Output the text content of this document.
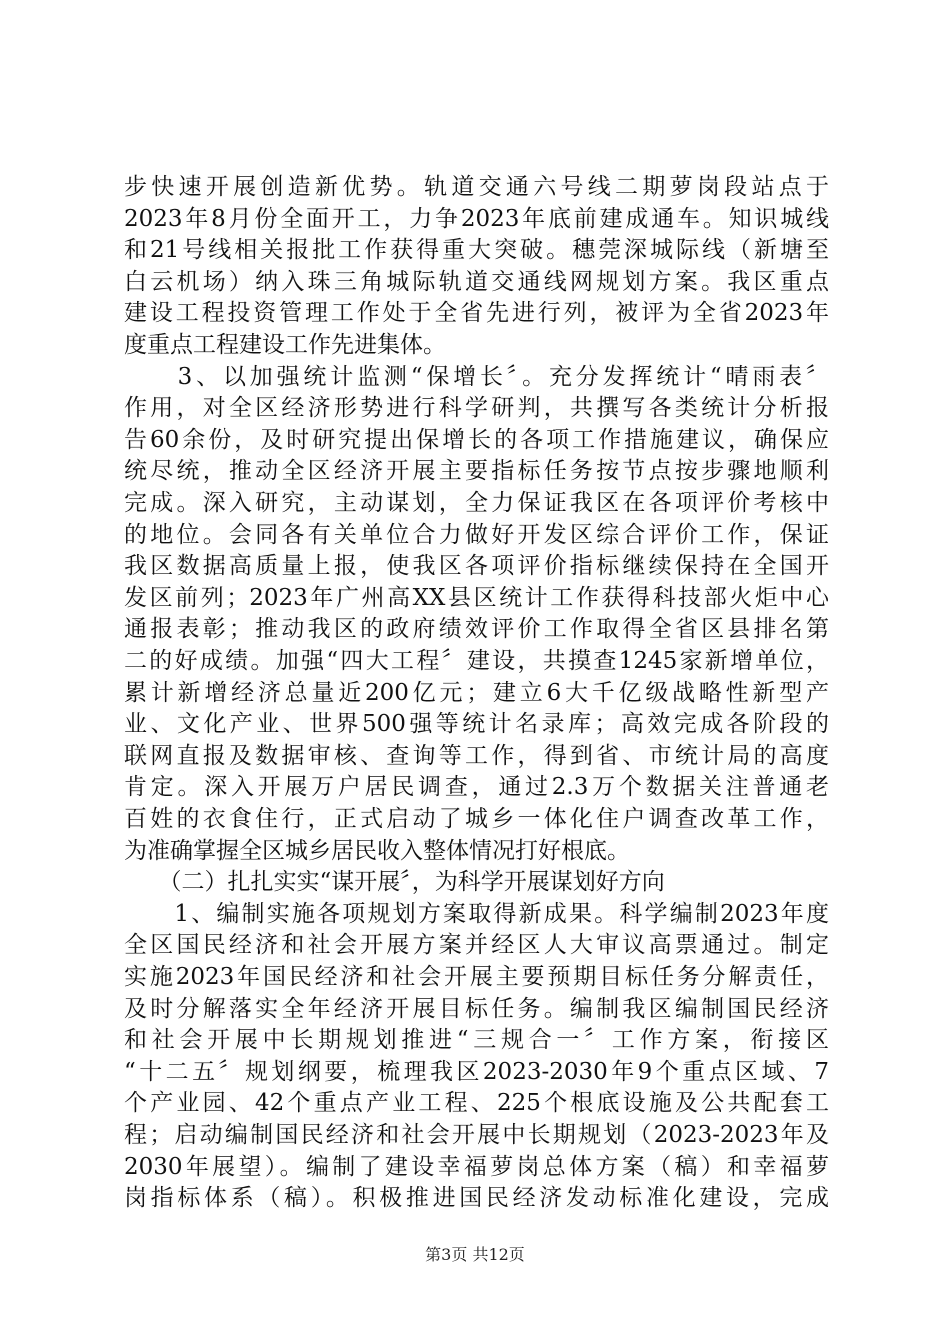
步快速开展创造新优势。轨道交通六号线二期萝岗段站点于
2023年8月份全面开工，力争2023年底前建成通车。知识城线
和21号线相关报批工作获得重大突破。穗莞深城际线（新塘至
白云机场）纳入珠三角城际轨道交通线网规划方案。我区重点
建设工程投资管理工作处于全省先进行列，被评为全省2023年
度重点工程建设工作先进集体。
　　3、以加强统计监测“保增长〞。充分发挥统计“晴雨表〞
作用，对全区经济形势进行科学研判，共撰写各类统计分析报
告60余份，及时研究提出保增长的各项工作措施建议，确保应
统尽统，推动全区经济开展主要指标任务按节点按步骤地顺利
完成。深入研究，主动谋划，全力保证我区在各项评价考核中
的地位。会同各有关单位合力做好开发区综合评价工作，保证
我区数据高质量上报，使我区各项评价指标继续保持在全国开
发区前列；2023年广州高XX县区统计工作获得科技部火炬中心
通报表彰；推动我区的政府绩效评价工作取得全省区县排名第
二的好成绩。加强“四大工程〞建设，共摸查1245家新增单位，
累计新增经济总量近200亿元；建立6大千亿级战略性新型产
业、文化产业、世界500强等统计名录库；高效完成各阶段的
联网直报及数据审核、查询等工作，得到省、市统计局的高度
肯定。深入开展万户居民调查，通过2.3万个数据关注普通老
百姓的衣食住行，正式启动了城乡一体化住户调查改革工作，
为准确掌握全区城乡居民收入整体情况打好根底。
　　（二）扎扎实实“谋开展〞，为科学开展谋划好方向
　　1、编制实施各项规划方案取得新成果。科学编制2023年度
全区国民经济和社会开展方案并经区人大审议高票通过。制定
实施2023年国民经济和社会开展主要预期目标任务分解责任，
及时分解落实全年经济开展目标任务。编制我区编制国民经济
和社会开展中长期规划推进“三规合一〞工作方案，衔接区
“十二五〞规划纲要，梳理我区2023-2030年9个重点区域、7
个产业园、42个重点产业工程、225个根底设施及公共配套工
程；启动编制国民经济和社会开展中长期规划（2023-2023年及
2030年展望）。编制了建设幸福萝岗总体方案（稿）和幸福萝
岗指标体系（稿）。积极推进国民经济发动标准化建设，完成
第3页 共12页
